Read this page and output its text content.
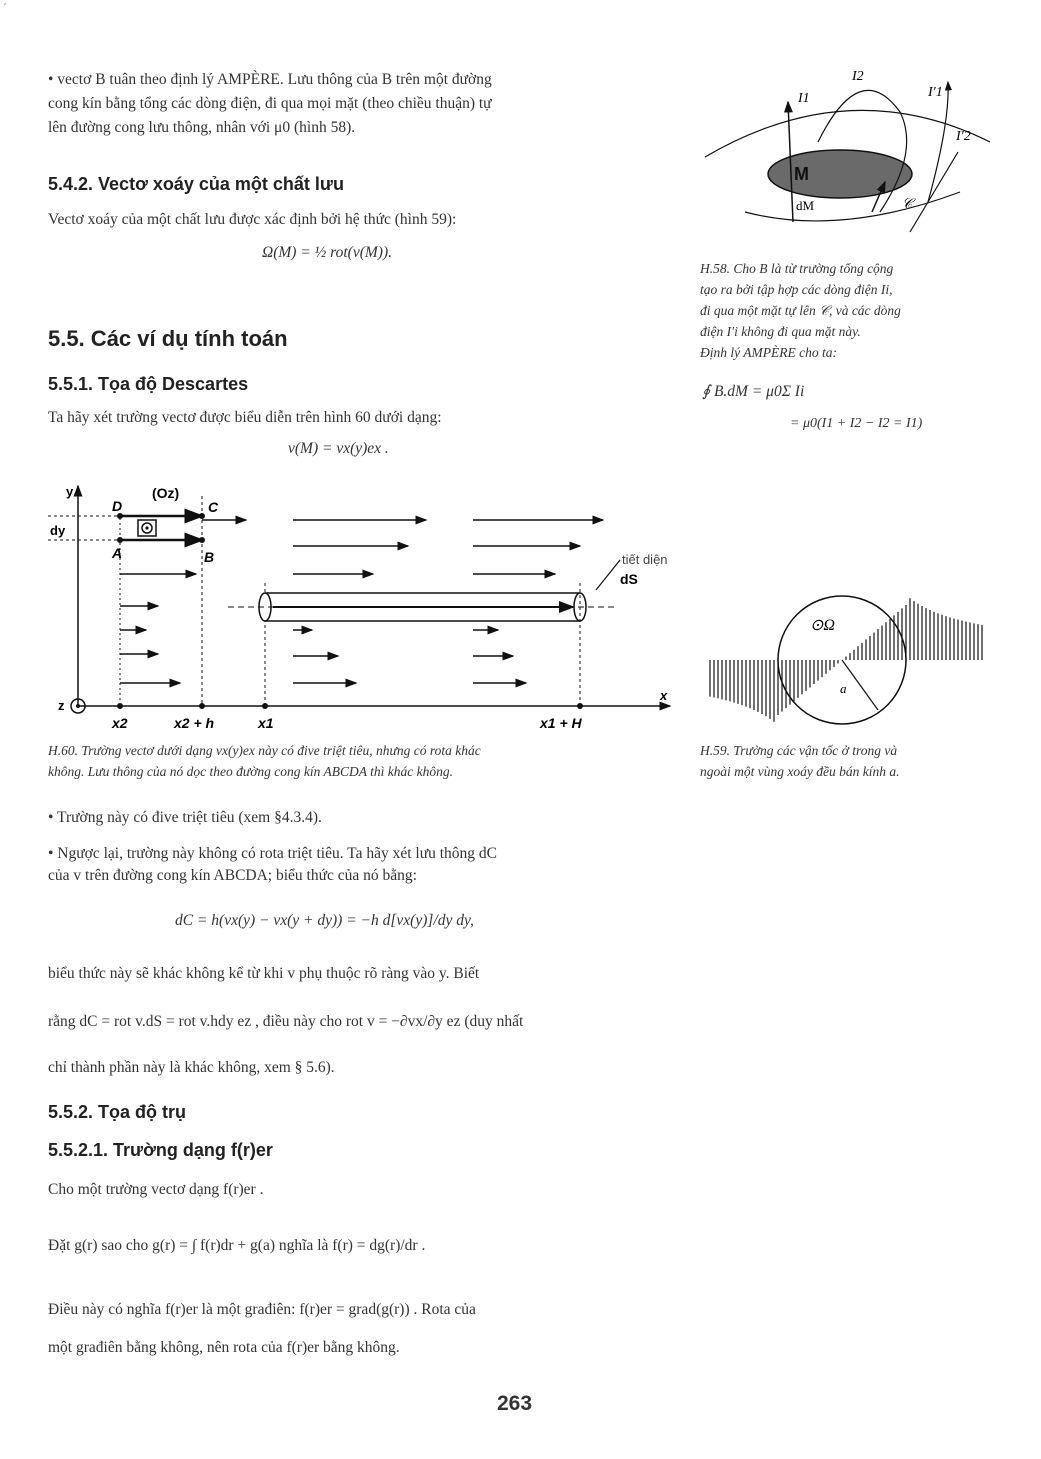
′
• vectơ B tuân theo định lý AMPÈRE. Lưu thông của B trên một đường
cong kín bằng tổng các dòng điện, đi qua mọi mặt (theo chiều thuận) tự
lên đường cong lưu thông, nhân với μ0 (hình 58).
5.4.2. Vectơ xoáy của một chất lưu
Vectơ xoáy của một chất lưu được xác định bởi hệ thức (hình 59):
Ω(M) = ½ rot(v(M)).
5.5. Các ví dụ tính toán
5.5.1. Tọa độ Descartes
Ta hãy xét trường vectơ được biểu diễn trên hình 60 dưới dạng:
v(M) = vx(y)ex .
y
dy
D
(Oz)
C
A	B
z
x
x2	x2 + h	x1	x1 + H
tiết diện
dS
H.60. Trường vectơ dưới dạng vx(y)ex này có đive triệt tiêu, nhưng có rota khác
không. Lưu thông của nó dọc theo đường cong kín ABCDA thì khác không.
I1
I2
I′1
I′2
M
dM	𝒞
H.58. Cho B là từ trường tổng cộng
tạo ra bởi tập hợp các dòng điện Ii,
đi qua một mặt tự lên 𝒞, và các dòng
điện I′i không đi qua mặt này.
Định lý AMPÈRE cho ta:
∮ B.dM = μ0Σ Ii
= μ0(I1 + I2 − I2 = I1)
⊙Ω
a
H.59. Trường các vận tốc ở trong và
ngoài một vùng xoáy đều bán kính a.
• Trường này có đive triệt tiêu (xem §4.3.4).
• Ngược lại, trường này không có rota triệt tiêu. Ta hãy xét lưu thông dC
của v trên đường cong kín ABCDA; biểu thức của nó bằng:
dC = h(vx(y) − vx(y + dy)) = −h d[vx(y)]/dy dy,
biểu thức này sẽ khác không kể từ khi v phụ thuộc rõ ràng vào y. Biết
rằng dC = rot v.dS = rot v.hdy ez , điều này cho rot v = −∂vx/∂y ez (duy nhất
chỉ thành phần này là khác không, xem § 5.6).
5.5.2. Tọa độ trụ
5.5.2.1. Trường dạng f(r)er
Cho một trường vectơ dạng f(r)er .
Đặt g(r) sao cho g(r) = ∫ f(r)dr + g(a) nghĩa là f(r) = dg(r)/dr .
Điều này có nghĩa f(r)er là một građiên: f(r)er = grad(g(r)) . Rota của
một građiên bằng không, nên rota của f(r)er bằng không.
263
